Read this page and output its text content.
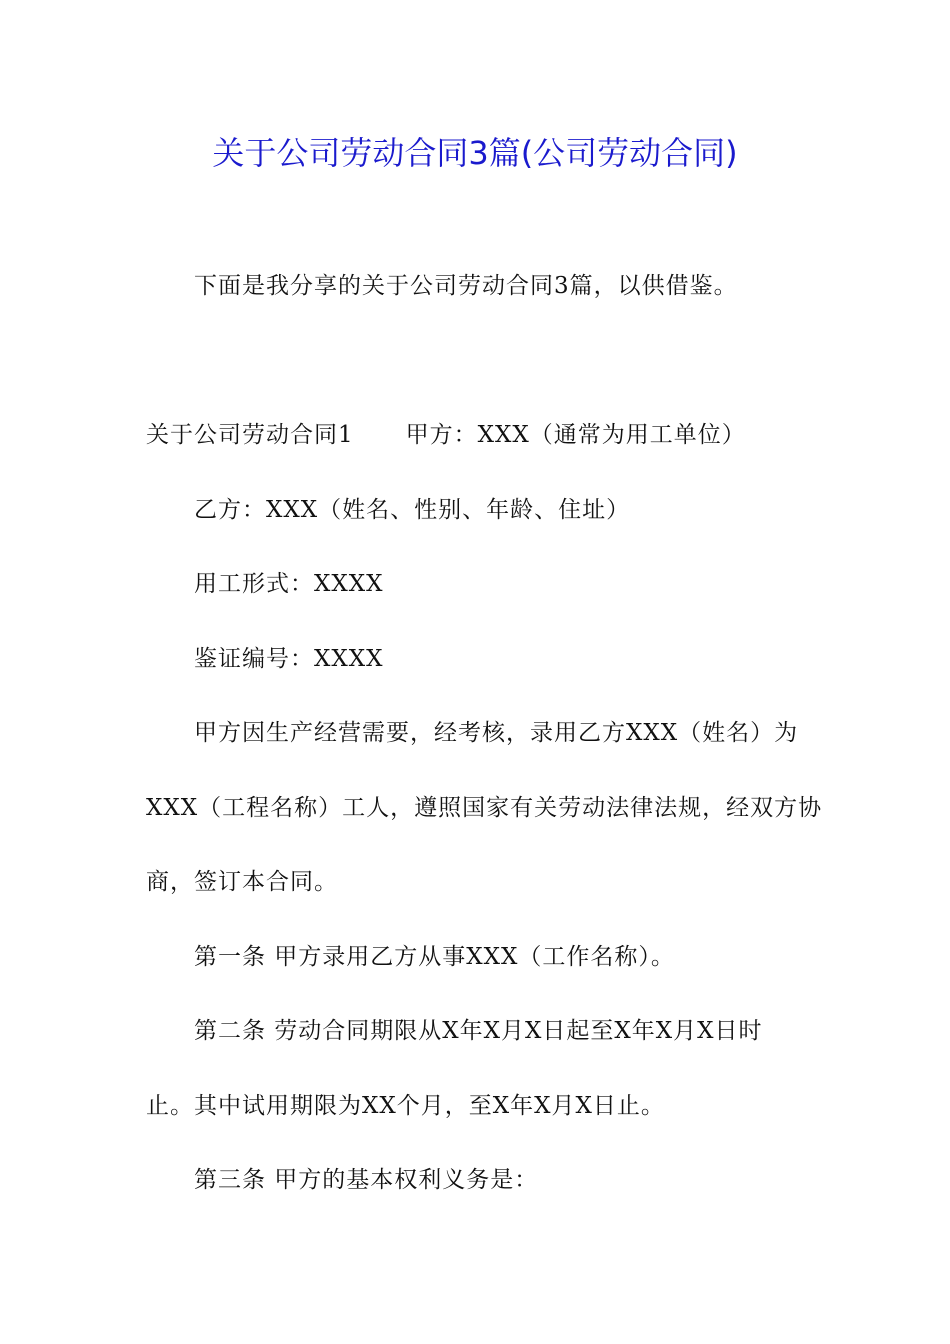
关于公司劳动合同3篇(公司劳动合同)
下面是我分享的关于公司劳动合同3篇，以供借鉴。
关于公司劳动合同1 甲方：XXX（通常为用工单位）
乙方：XXX（姓名、性别、年龄、住址）
用工形式：XXXX
鉴证编号：XXXX
甲方因生产经营需要，经考核，录用乙方XXX（姓名）为
XXX（工程名称）工人，遵照国家有关劳动法律法规，经双方协
商，签订本合同。
第一条 甲方录用乙方从事XXX（工作名称）。
第二条 劳动合同期限从X年X月X日起至X年X月X日时
止。其中试用期限为XX个月，至X年X月X日止。
第三条 甲方的基本权利义务是：
